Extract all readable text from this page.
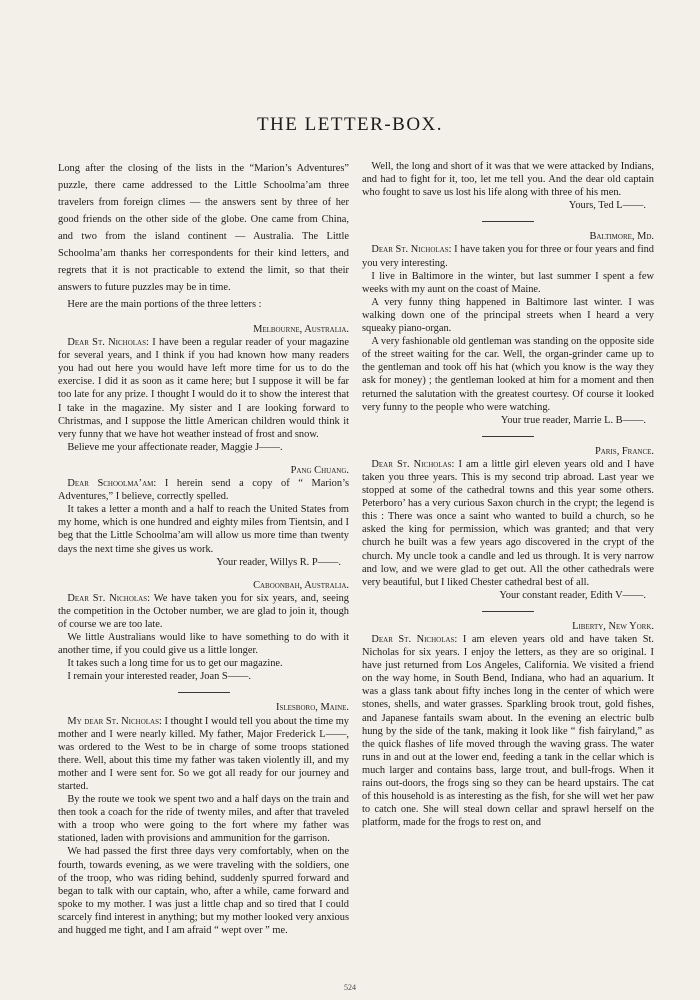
THE LETTER-BOX.

Long after the closing of the lists in the “Marion’s Adventures” puzzle, there came addressed to the Little Schoolma’am three travelers from foreign climes — the answers sent by three of her good friends on the other side of the globe. One came from China, and two from the island continent — Australia. The Little Schoolma’am thanks her correspondents for their kind letters, and regrets that it is not practicable to extend the limit, so that their answers to future puzzles may be in time.

Here are the main portions of the three letters :

Melbourne, Australia.

Dear St. Nicholas: I have been a regular reader of your magazine for several years, and I think if you had known how many readers you had out here you would have left more time for us to do the exercise. I did it as soon as it came here; but I suppose it will be far too late for any prize. I thought I would do it to show the interest that I take in the magazine. My sister and I are looking forward to Christmas, and I suppose the little American children would think it very funny that we have hot weather instead of frost and snow.

Believe me your affectionate reader, Maggie J——.

Pang Chuang.

Dear Schoolma’am: I herein send a copy of “ Marion’s Adventures,” I believe, correctly spelled.

It takes a letter a month and a half to reach the United States from my home, which is one hundred and eighty miles from Tientsin, and I beg that the Little Schoolma’am will allow us more time than twenty days the next time she gives us work.

Your reader, Willys R. P——.

Caboonbah, Australia.

Dear St. Nicholas: We have taken you for six years, and, seeing the competition in the October number, we are glad to join it, though of course we are too late.

We little Australians would like to have something to do with it another time, if you could give us a little longer.

It takes such a long time for us to get our magazine.

I remain your interested reader, Joan S——.

Islesboro, Maine.

My dear St. Nicholas: I thought I would tell you about the time my mother and I were nearly killed. My father, Major Frederick L——, was ordered to the West to be in charge of some troops stationed there. Well, about this time my father was taken violently ill, and my mother and I were sent for. So we got all ready for our journey and started.

By the route we took we spent two and a half days on the train and then took a coach for the ride of twenty miles, and after that traveled with a troop who were going to the fort where my father was stationed, laden with provisions and ammunition for the garrison.

We had passed the first three days very comfortably, when on the fourth, towards evening, as we were traveling with the soldiers, one of the troop, who was riding behind, suddenly spurred forward and began to talk with our captain, who, after a while, came forward and spoke to my mother. I was just a little chap and so tired that I could scarcely find interest in anything; but my mother looked very anxious and hugged me tight, and I am afraid “ wept over ” me.

Well, the long and short of it was that we were attacked by Indians, and had to fight for it, too, let me tell you. And the dear old captain who fought to save us lost his life along with three of his men.

Yours, Ted L——.

Baltimore, Md.

Dear St. Nicholas: I have taken you for three or four years and find you very interesting.

I live in Baltimore in the winter, but last summer I spent a few weeks with my aunt on the coast of Maine.

A very funny thing happened in Baltimore last winter. I was walking down one of the principal streets when I heard a very squeaky piano-organ.

A very fashionable old gentleman was standing on the opposite side of the street waiting for the car. Well, the organ-grinder came up to the gentleman and took off his hat (which you know is the way they ask for money) ; the gentleman looked at him for a moment and then returned the salutation with the greatest courtesy. Of course it looked very funny to the people who were watching.

Your true reader, Marrie L. B——.

Paris, France.

Dear St. Nicholas: I am a little girl eleven years old and I have taken you three years. This is my second trip abroad. Last year we stopped at some of the cathedral towns and this year some others. Peterboro’ has a very curious Saxon church in the crypt; the legend is this : There was once a saint who wanted to build a church, so he asked the king for permission, which was granted; and that very church he built was a few years ago discovered in the crypt of the church. My uncle took a candle and led us through. It is very narrow and low, and we were glad to get out. All the other cathedrals were very beautiful, but I liked Chester cathedral best of all.

Your constant reader, Edith V——.

Liberty, New York.

Dear St. Nicholas: I am eleven years old and have taken St. Nicholas for six years. I enjoy the letters, as they are so original. I have just returned from Los Angeles, California. We visited a friend on the way home, in South Bend, Indiana, who had an aquarium. It was a glass tank about fifty inches long in the center of which were stones, shells, and water grasses. Sparkling brook trout, gold fishes, and Japanese fantails swam about. In the evening an electric bulb hung by the side of the tank, making it look like “ fish fairyland,” as the quick flashes of life moved through the waving grass. The water runs in and out at the lower end, feeding a tank in the cellar which is much larger and contains bass, large trout, and bull-frogs. When it rains out-doors, the frogs sing so they can be heard upstairs. The cat of this household is as interesting as the fish, for she will wet her paw to catch one. She will steal down cellar and sprawl herself on the platform, made for the frogs to rest on, and

524
